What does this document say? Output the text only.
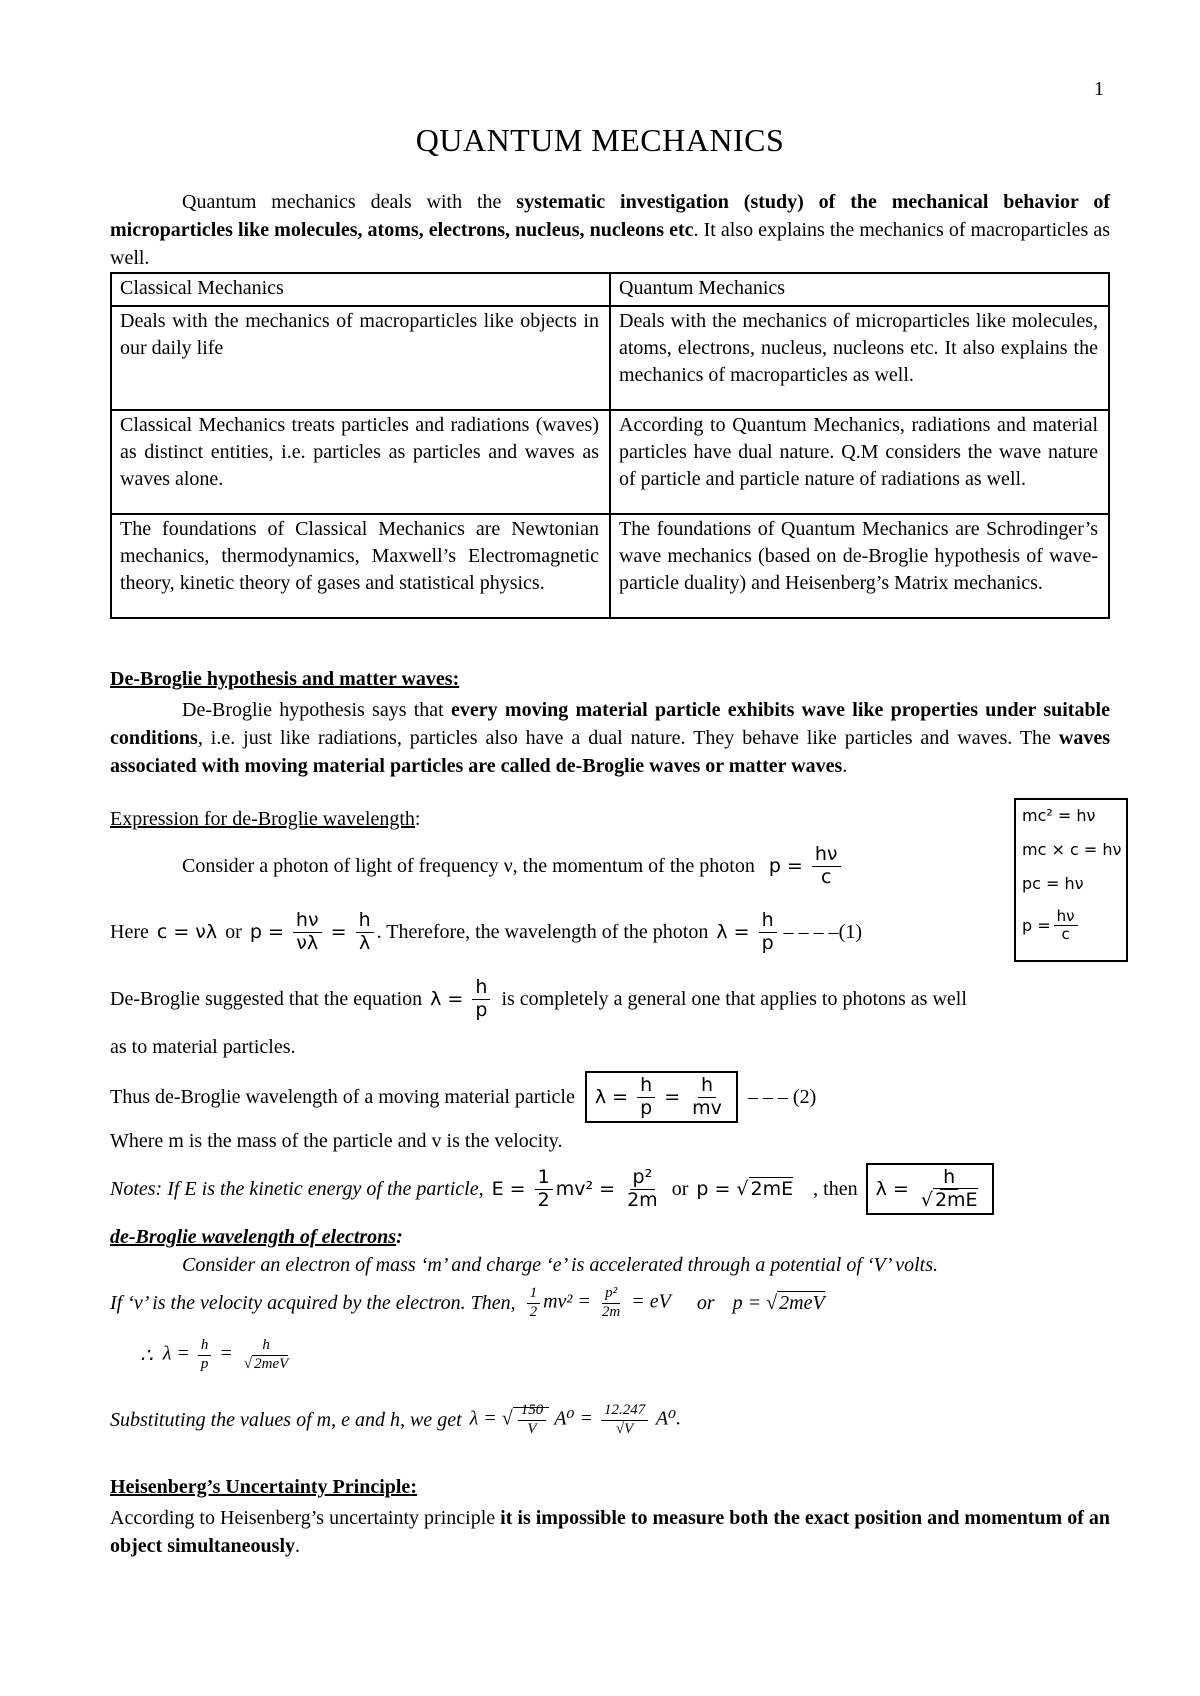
1
QUANTUM MECHANICS
Quantum mechanics deals with the systematic investigation (study) of the mechanical behavior of microparticles like molecules, atoms, electrons, nucleus, nucleons etc. It also explains the mechanics of macroparticles as well.
Classical Mechanics	Quantum Mechanics
Deals with the mechanics of macroparticles like objects in our daily life	Deals with the mechanics of microparticles like molecules, atoms, electrons, nucleus, nucleons etc. It also explains the mechanics of macroparticles as well.
Classical Mechanics treats particles and radiations (waves) as distinct entities, i.e. particles as particles and waves as waves alone.	According to Quantum Mechanics, radiations and material particles have dual nature. Q.M considers the wave nature of particle and particle nature of radiations as well.
The foundations of Classical Mechanics are Newtonian mechanics, thermodynamics, Maxwell’s Electromagnetic theory, kinetic theory of gases and statistical physics.	The foundations of Quantum Mechanics are Schrodinger’s wave mechanics (based on de-Broglie hypothesis of wave-particle duality) and Heisenberg’s Matrix mechanics.
De-Broglie hypothesis and matter waves:
De-Broglie hypothesis says that every moving material particle exhibits wave like properties under suitable conditions, i.e. just like radiations, particles also have a dual nature. They behave like particles and waves. The waves associated with moving material particles are called de-Broglie waves or matter waves.
Expression for de-Broglie wavelength:
Consider a photon of light of frequency ν, the momentum of the photon $p = \frac{h\nu}{c}$
Here c = νλ or $p = \frac{h\nu}{\nu\lambda} = \frac{h}{\lambda}$ . Therefore, the wavelength of the photon $\lambda = \frac{h}{p}$ – – – –(1)
mc² = hν
mc × c = hν
pc = hν
$p = \frac{h\nu}{c}$
De-Broglie suggested that the equation $\lambda = \frac{h}{p}$ is completely a general one that applies to photons as well
as to material particles.
Thus de-Broglie wavelength of a moving material particle	$\lambda = \frac{h}{p} = \frac{h}{mv}$ – – – (2)
Where m is the mass of the particle and v is the velocity.
Notes: If E is the kinetic energy of the particle, $E = \frac{1}{2} mv^2 = \frac{\text{p²}}{2m}$ or p = √ 2mE , then $\lambda = \frac{h}{√ 2mE}$
de-Broglie wavelength of electrons:
Consider an electron of mass ‘m’ and charge ‘e’ is accelerated through a potential of ‘V’ volts.
If ‘v’ is the velocity acquired by the electron. Then, $\frac{1}{2} mv^2 = \frac{\text{p²}}{2m}$ = eV or p = √ 2meV
∴ $\lambda = \frac{h}{p} = \frac{h}{\text{√ 2meV}}$
Substituting the values of m, e and h, we get λ = √ $\frac{150}{V} A^0 = \frac{12.247}{√V} A^0$.
Heisenberg’s Uncertainty Principle:
According to Heisenberg’s uncertainty principle it is impossible to measure both the exact position and momentum of an object simultaneously.
